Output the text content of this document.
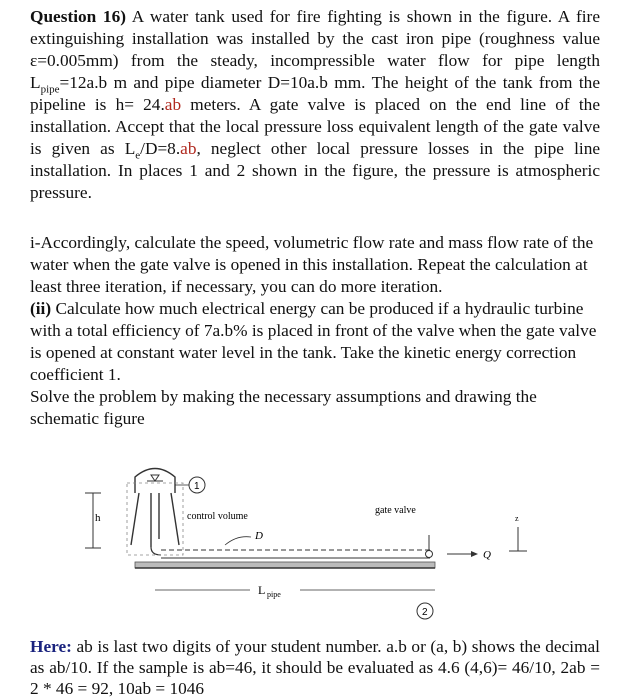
Question 16) A water tank used for fire fighting is shown in the figure. A fire extinguishing installation was installed by the cast iron pipe (roughness value ε=0.005mm) from the steady, incompressible water flow for pipe length $L_{pipe}=12a.b$ m and pipe diameter D=10a.b mm. The height of the tank from the pipeline is h= 24.ab meters. A gate valve is placed on the end line of the installation. Accept that the local pressure loss equivalent length of the gate valve is given as $L_e/D=8.ab$, neglect other local pressure losses in the pipe line installation. In places 1 and 2 shown in the figure, the pressure is atmospheric pressure.
i-Accordingly, calculate the speed, volumetric flow rate and mass flow rate of the water when the gate valve is opened in this installation. Repeat the calculation at least three iteration, if necessary, you can do more iteration.
(ii) Calculate how much electrical energy can be produced if a hydraulic turbine with a total efficiency of 7a.b% is placed in front of the valve when the gate valve is opened at constant water level in the tank. Take the kinetic energy correction coefficient 1.
Solve the problem by making the necessary assumptions and drawing the schematic figure
h
1
control volume
D
gate valve
Q
z
L pipe
2
Here: ab is last two digits of your student number. a.b or (a, b) shows the decimal as ab/10. If the sample is ab=46, it should be evaluated as 4.6 (4,6)= 46/10, 2ab = 2 * 46 = 92, 10ab = 1046
